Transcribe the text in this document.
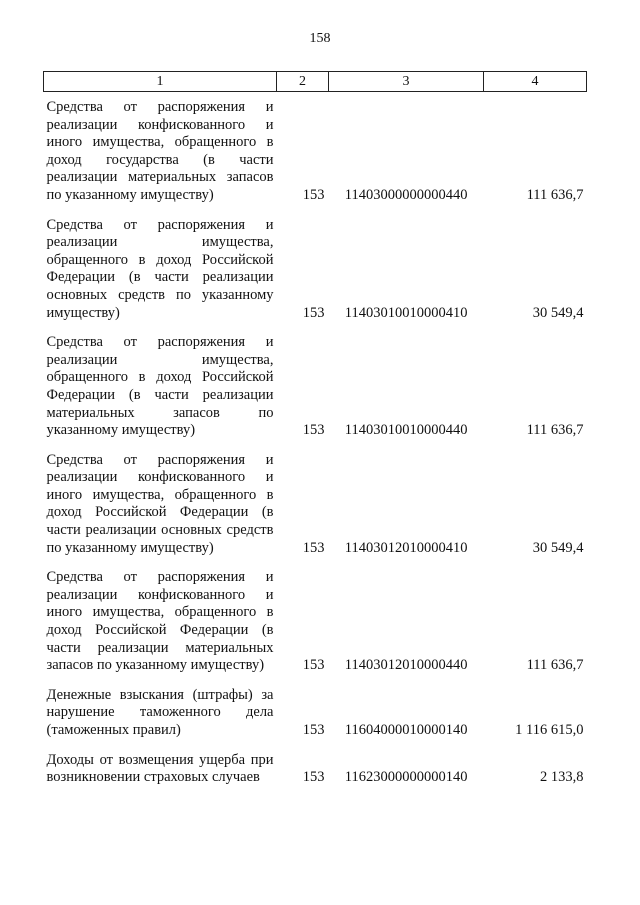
158
1	2	3	4
Средства от распоряжения и реализации конфискованного и иного имущества, обращенного в доход государства (в части реализации материальных запасов по указанному имуществу)	153	11403000000000440	111 636,7
Средства от распоряжения и реализации имущества, обращенного в доход Российской Федерации (в части реализации основных средств по указанному имуществу)	153	11403010010000410	30 549,4
Средства от распоряжения и реализации имущества, обращенного в доход Российской Федерации (в части реализации материальных запасов по указанному имуществу)	153	11403010010000440	111 636,7
Средства от распоряжения и реализации конфискованного и иного имущества, обращенного в доход Российской Федерации (в части реализации основных средств по указанному имуществу)	153	11403012010000410	30 549,4
Средства от распоряжения и реализации конфискованного и иного имущества, обращенного в доход Российской Федерации (в части реализации материальных запасов по указанному имуществу)	153	11403012010000440	111 636,7
Денежные взыскания (штрафы) за нарушение таможенного дела (таможенных правил)	153	11604000010000140	1 116 615,0
Доходы от возмещения ущерба при возникновении страховых случаев	153	11623000000000140	2 133,8
